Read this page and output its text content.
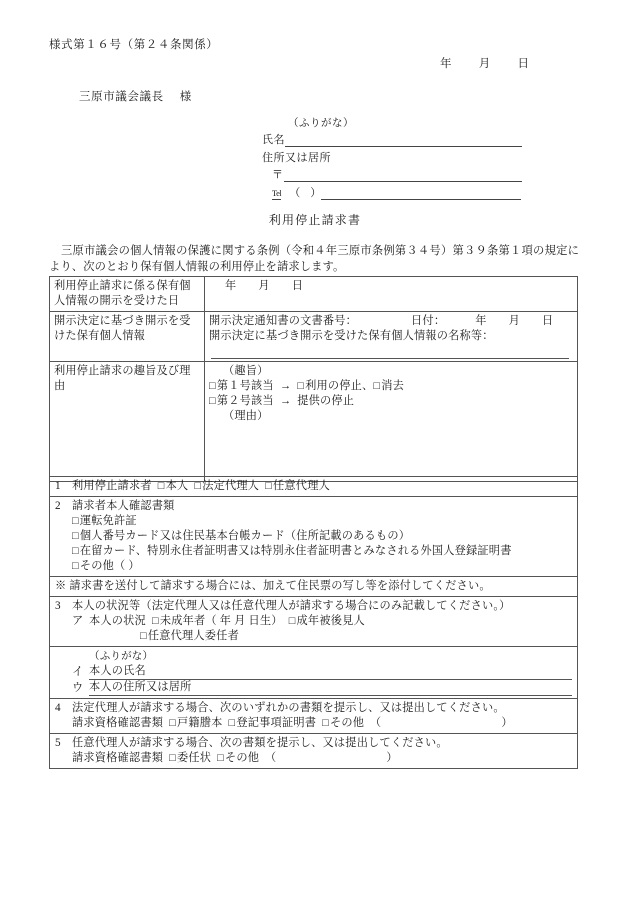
様式第１６号（第２４条関係）
年 月 日
三原市議会議長 様
（ふりがな）
氏名
住所又は居所
〒
Tel （ ）
利用停止請求書
三原市議会の個人情報の保護に関する条例（令和４年三原市条例第３４号）第３９条第１項の規定により、次のとおり保有個人情報の利用停止を請求します。
利用停止請求に係る保有個人情報の開示を受けた日	年 月 日
開示決定に基づき開示を受けた保有個人情報	開示決定通知書の文書番号： 日付： 年 月 日
開示決定に基づき開示を受けた保有個人情報の名称等：

利用停止請求の趣旨及び理由	（趣旨）
□第１号該当 → □利用の停止、□消去
□第２号該当 → 提供の停止
（理由）
1 利用停止請求者 □本人 □法定代理人 □任意代理人

2 請求者本人確認書類
□運転免許証
□個人番号カード又は住民基本台帳カード（住所記載のあるもの）
□在留カード、特別永住者証明書又は特別永住者証明書とみなされる外国人登録証明書
□その他（ ）

※ 請求書を送付して請求する場合には、加えて住民票の写し等を添付してください。

3 本人の状況等（法定代理人又は任意代理人が請求する場合にのみ記載してください。）
ア 本人の状況 □未成年者（ 年 月 日生） □成年被後見人
□任意代理人委任者

（ふりがな）
イ 本人の氏名
ウ 本人の住所又は居所

4 法定代理人が請求する場合、次のいずれかの書類を提示し、又は提出してください。
請求資格確認書類 □戸籍謄本 □登記事項証明書 □その他　（	）

5 任意代理人が請求する場合、次の書類を提示し、又は提出してください。
請求資格確認書類 □委任状 □その他　（	）
